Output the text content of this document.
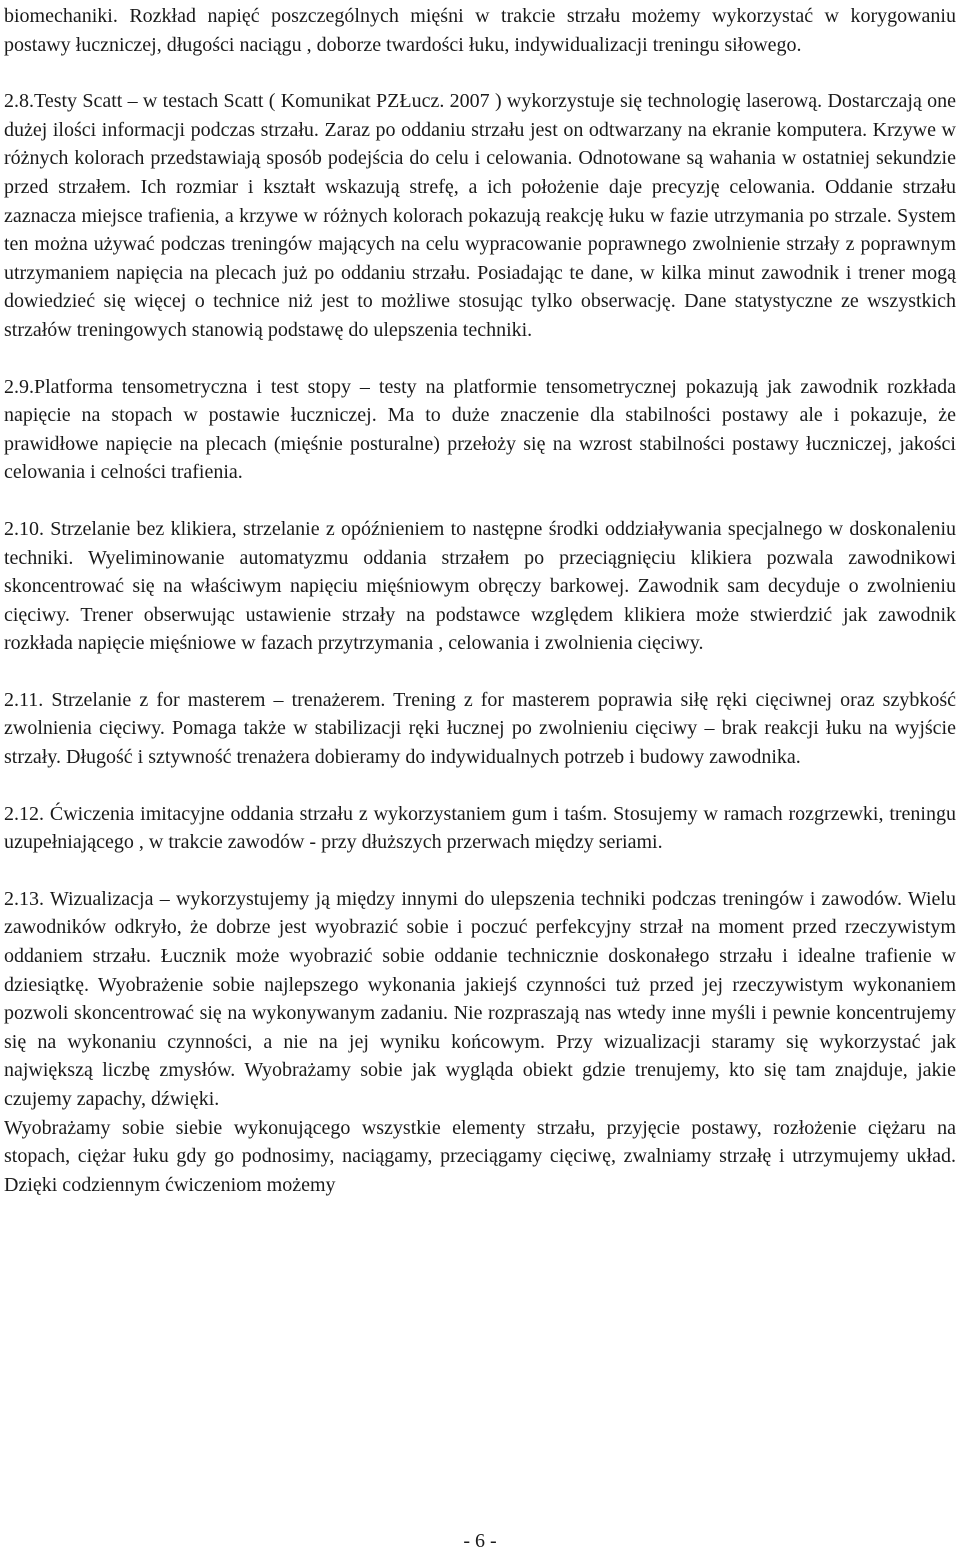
biomechaniki. Rozkład napięć poszczególnych mięśni w trakcie strzału możemy wykorzystać w korygowaniu postawy łuczniczej, długości naciągu , doborze twardości łuku, indywidualizacji treningu siłowego.

2.8.Testy Scatt – w testach Scatt ( Komunikat PZŁucz. 2007 ) wykorzystuje się technologię laserową. Dostarczają one dużej ilości informacji podczas strzału. Zaraz po oddaniu strzału jest on odtwarzany na ekranie komputera. Krzywe w różnych kolorach przedstawiają sposób podejścia do celu i celowania. Odnotowane są wahania w ostatniej sekundzie przed strzałem. Ich rozmiar i kształt wskazują strefę, a ich położenie daje precyzję celowania. Oddanie strzału zaznacza miejsce trafienia, a krzywe w różnych kolorach pokazują reakcję łuku w fazie utrzymania po strzale. System ten można używać podczas treningów mających na celu wypracowanie poprawnego zwolnienie strzały z poprawnym utrzymaniem napięcia na plecach już po oddaniu strzału. Posiadając te dane, w kilka minut zawodnik i trener mogą dowiedzieć się więcej o technice niż jest to możliwe stosując tylko obserwację. Dane statystyczne ze wszystkich strzałów treningowych stanowią podstawę do ulepszenia techniki.

2.9.Platforma tensometryczna i test stopy – testy na platformie tensometrycznej pokazują jak zawodnik rozkłada napięcie na stopach w postawie łuczniczej. Ma to duże znaczenie dla stabilności postawy ale i pokazuje, że prawidłowe napięcie na plecach (mięśnie posturalne) przełoży się na wzrost stabilności postawy łuczniczej, jakości celowania i celności trafienia.

2.10. Strzelanie bez klikiera, strzelanie z opóźnieniem to następne środki oddziaływania specjalnego w doskonaleniu techniki. Wyeliminowanie automatyzmu oddania strzałem po przeciągnięciu klikiera pozwala zawodnikowi skoncentrować się na właściwym napięciu mięśniowym obręczy barkowej. Zawodnik sam decyduje o zwolnieniu cięciwy. Trener obserwując ustawienie strzały na podstawce względem klikiera może stwierdzić jak zawodnik rozkłada napięcie mięśniowe w fazach przytrzymania , celowania i zwolnienia cięciwy.

2.11. Strzelanie z for masterem – trenażerem. Trening z for masterem poprawia siłę ręki cięciwnej oraz szybkość zwolnienia cięciwy. Pomaga także w stabilizacji ręki łucznej po zwolnieniu cięciwy – brak reakcji łuku na wyjście strzały. Długość i sztywność trenażera dobieramy do indywidualnych potrzeb i budowy zawodnika.

2.12. Ćwiczenia imitacyjne oddania strzału z wykorzystaniem gum i taśm. Stosujemy w ramach rozgrzewki, treningu uzupełniającego , w trakcie zawodów - przy dłuższych przerwach między seriami.

2.13. Wizualizacja – wykorzystujemy ją między innymi do ulepszenia techniki podczas treningów i zawodów. Wielu zawodników odkryło, że dobrze jest wyobrazić sobie i poczuć perfekcyjny strzał na moment przed rzeczywistym oddaniem strzału. Łucznik może wyobrazić sobie oddanie technicznie doskonałego strzału i idealne trafienie w dziesiątkę. Wyobrażenie sobie najlepszego wykonania jakiejś czynności tuż przed jej rzeczywistym wykonaniem pozwoli skoncentrować się na wykonywanym zadaniu. Nie rozpraszają nas wtedy inne myśli i pewnie koncentrujemy się na wykonaniu czynności, a nie na jej wyniku końcowym. Przy wizualizacji staramy się wykorzystać jak największą liczbę zmysłów. Wyobrażamy sobie jak wygląda obiekt gdzie trenujemy, kto się tam znajduje, jakie czujemy zapachy, dźwięki.

Wyobrażamy sobie siebie wykonującego wszystkie elementy strzału, przyjęcie postawy, rozłożenie ciężaru na stopach, ciężar łuku gdy go podnosimy, naciągamy, przeciągamy cięciwę, zwalniamy strzałę i utrzymujemy układ. Dzięki codziennym ćwiczeniom możemy

- 6 -
